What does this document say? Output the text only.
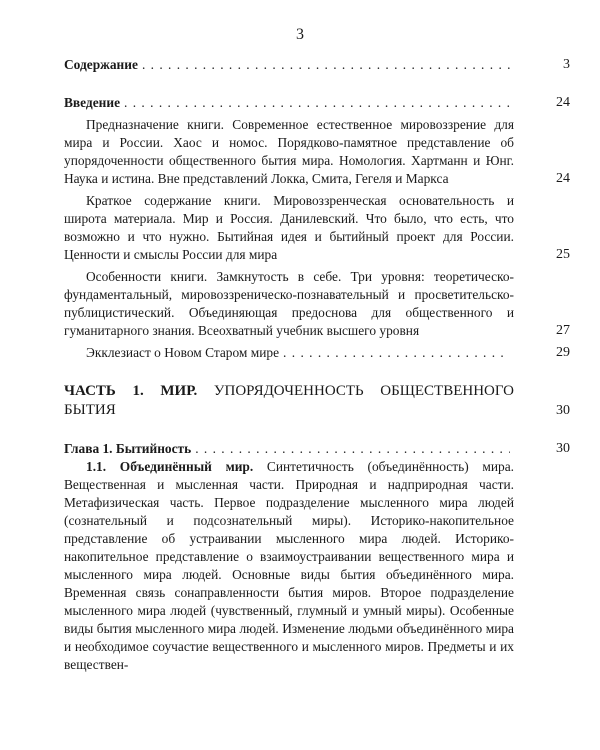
3
Содержание . . .	3
Введение . . .	24
Предназначение книги. Современное естественное мировоззрение для мира и России. Хаос и номос. Порядково-памятное представление об упорядоченности общественного бытия мира. Номология. Хартманн и Юнг. Наука и истина. Вне представлений Локка, Смита, Гегеля и Маркса	24
Краткое содержание книги. Мировоззренческая основательность и широта материала. Мир и Россия. Данилевский. Что было, что есть, что возможно и что нужно. Бытийная идея и бытийный проект для России. Ценности и смыслы России для мира	25
Особенности книги. Замкнутость в себе. Три уровня: теоретическо-фундаментальный, мировоззреническо-познавательный и просветительско-публицистический. Объединяющая предоснова для общественного и гуманитарного знания. Всеохватный учебник высшего уровня	27
Экклезиаст о Новом Старом мире . . .	29
ЧАСТЬ 1. МИР. УПОРЯДОЧЕННОСТЬ ОБЩЕСТВЕННОГО БЫТИЯ	30
Глава 1. Бытийность . . .	30
1.1. Объединённый мир. Синтетичность (объединённость) мира. Вещественная и мысленная части. Природная и надприродная части. Метафизическая часть. Первое подразделение мысленного мира людей (сознательный и подсознательный миры). Историко-накопительное представление об устраивании мысленного мира людей. Историко-накопительное представление о взаимоустраивании вещественного мира и мысленного мира людей. Основные виды бытия объединённого мира. Временная связь сонаправленности бытия миров. Второе подразделение мысленного мира людей (чувственный, глумный и умный миры). Особенные виды бытия мысленного мира людей. Изменение людьми объединённого мира и необходимое соучастие вещественного и мысленного миров. Предметы и их веществен-
